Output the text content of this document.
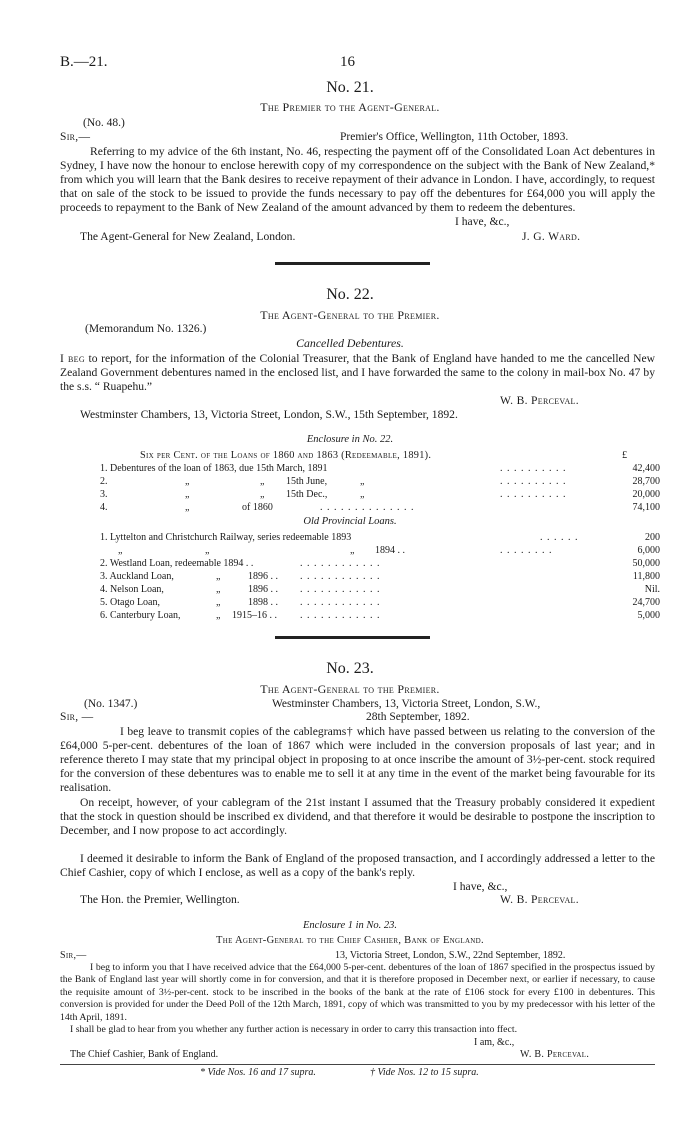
B.—21.	16
No. 21.
The Premier to the Agent-General.
(No. 48.)
Sir,—	Premier's Office, Wellington, 11th October, 1893.
Referring to my advice of the 6th instant, No. 46, respecting the payment off of the Consolidated Loan Act debentures in Sydney, I have now the honour to enclose herewith copy of my correspondence on the subject with the Bank of New Zealand,* from which you will learn that the Bank desires to receive repayment of their advance in London. I have, accordingly, to request that on sale of the stock to be issued to provide the funds necessary to pay off the debentures for £64,000 you will apply the proceeds to repayment to the Bank of New Zealand of the amount advanced by them to redeem the debentures.
I have, &c.,
The Agent-General for New Zealand, London.	J. G. Ward.
No. 22.
The Agent-General to the Premier.
(Memorandum No. 1326.)
Cancelled Debentures.
I beg to report, for the information of the Colonial Treasurer, that the Bank of England have handed to me the cancelled New Zealand Government debentures named in the enclosed list, and I have forwarded the same to the colony in mail-box No. 47 by the s.s. “ Ruapehu.”
W. B. Perceval.
Westminster Chambers, 13, Victoria Street, London, S.W., 15th September, 1892.
Enclosure in No. 22.
Six per Cent. of the Loans of 1860 and 1863 (Redeemable, 1891).	£
1. Debentures of the loan of 1863, due 15th March, 1891	. . . . . . . . . .	42,400
2.	„	„ 15th June,	„	. . . . . . . . . .	28,700
3.	„	„ 15th Dec.,	„	. . . . . . . . . .	20,000
4.	„	of 1860	. . . . . . . . . . . . . .	74,100
Old Provincial Loans.
1. Lyttelton and Christchurch Railway, series redeemable 1893	. . . . . .	200
„	„	„ 1894 . .	. . . . . . . .	6,000
2. Westland Loan, redeemable 1894 . .	. . . . . . . . . . . .	50,000
3. Auckland Loan,	„	1896 . . . . . . . . . . . . . .	11,800
4. Nelson Loan,	„	1896 . . . . . . . . . . . . . .	Nil.
5. Otago Loan,	„	1898 . . . . . . . . . . . . . .	24,700
6. Canterbury Loan,	„ 1915–16 . . . . . . . . . . . . . .	5,000
No. 23.
The Agent-General to the Premier.
(No. 1347.)	Westminster Chambers, 13, Victoria Street, London, S.W.,
Sir, —	28th September, 1892.
I beg leave to transmit copies of the cablegrams† which have passed between us relating to the conversion of the £64,000 5-per-cent. debentures of the loan of 1867 which were included in the conversion proposals of last year; and in reference thereto I may state that my principal object in proposing to at once inscribe the amount of 3½-per-cent. stock required for the conversion of these debentures was to enable me to sell it at any time in the event of the market being favourable for its realisation.
On receipt, however, of your cablegram of the 21st instant I assumed that the Treasury probably considered it expedient that the stock in question should be inscribed ex dividend, and that therefore it would be desirable to postpone the inscription to December, and I now propose to act accordingly.
I deemed it desirable to inform the Bank of England of the proposed transaction, and I accordingly addressed a letter to the Chief Cashier, copy of which I enclose, as well as a copy of the bank's reply.
I have, &c.,
The Hon. the Premier, Wellington.	W. B. Perceval.
Enclosure 1 in No. 23.
The Agent-General to the Chief Cashier, Bank of England.
Sir,—	13, Victoria Street, London, S.W., 22nd September, 1892.
I beg to inform you that I have received advice that the £64,000 5-per-cent. debentures of the loan of 1867 specified in the prospectus issued by the Bank of England last year will shortly come in for conversion, and that it is therefore proposed in December next, or earlier if necessary, to cause the requisite amount of 3½-per-cent. stock to be inscribed in the books of the bank at the rate of £106 stock for every £100 in debentures. This conversion is provided for under the Deed Poll of the 12th March, 1891, copy of which was transmitted to you by my predecessor with his letter of the 14th April, 1891.
I shall be glad to hear from you whether any further action is necessary in order to carry this transaction into ffect.
I am, &c.,
The Chief Cashier, Bank of England.	W. B. Perceval.
* Vide Nos. 16 and 17 supra.	† Vide Nos. 12 to 15 supra.
